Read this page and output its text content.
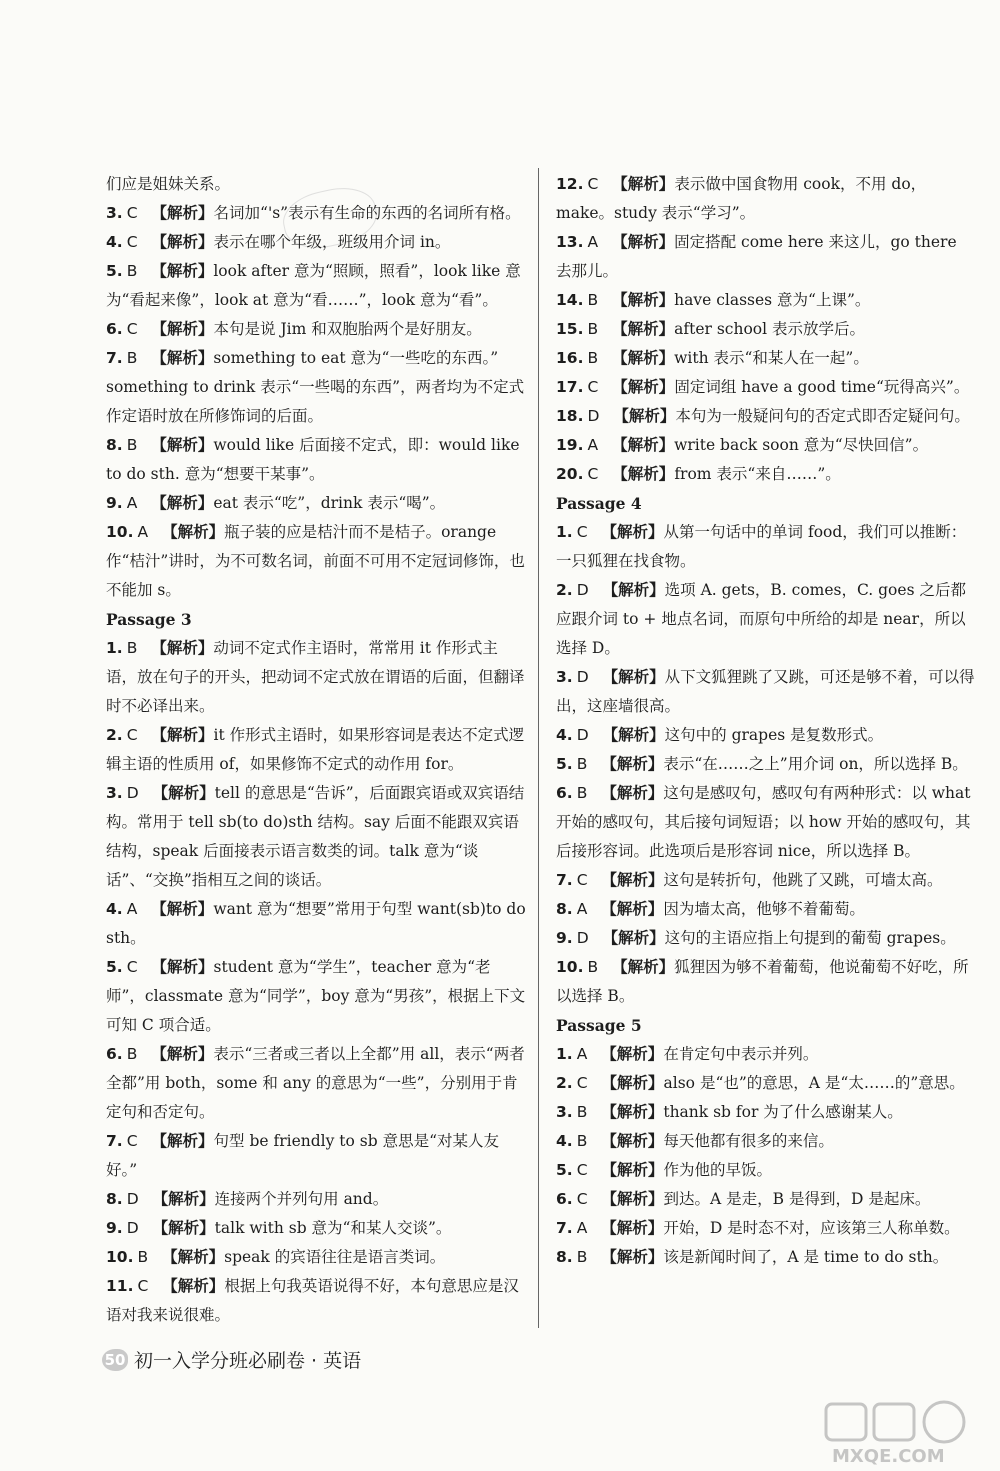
们应是姐妹关系。

3. C 【解析】名词加“'s”表示有生命的东西的名词所有格。

4. C 【解析】表示在哪个年级，班级用介词 in。

5. B 【解析】look after 意为“照顾，照看”，look like 意为“看起来像”，look at 意为“看……”，look 意为“看”。

6. C 【解析】本句是说 Jim 和双胞胎两个是好朋友。

7. B 【解析】something to eat 意为“一些吃的东西。” something to drink 表示“一些喝的东西”，两者均为不定式作定语时放在所修饰词的后面。

8. B 【解析】would like 后面接不定式，即：would like to do sth. 意为“想要干某事”。

9. A 【解析】eat 表示“吃”，drink 表示“喝”。

10. A 【解析】瓶子装的应是桔汁而不是桔子。orange 作“桔汁”讲时，为不可数名词，前面不可用不定冠词修饰，也不能加 s。

Passage 3

1. B 【解析】动词不定式作主语时，常常用 it 作形式主语，放在句子的开头，把动词不定式放在谓语的后面，但翻译时不必译出来。

2. C 【解析】it 作形式主语时，如果形容词是表达不定式逻辑主语的性质用 of，如果修饰不定式的动作用 for。

3. D 【解析】tell 的意思是“告诉”，后面跟宾语或双宾语结构。常用于 tell sb(to do)sth 结构。say 后面不能跟双宾语结构，speak 后面接表示语言数类的词。talk 意为“谈话”、“交换”指相互之间的谈话。

4. A 【解析】want 意为“想要”常用于句型 want(sb)to do sth。

5. C 【解析】student 意为“学生”，teacher 意为“老师”，classmate 意为“同学”，boy 意为“男孩”，根据上下文可知 C 项合适。

6. B 【解析】表示“三者或三者以上全都”用 all，表示“两者全都”用 both，some 和 any 的意思为“一些”，分别用于肯定句和否定句。

7. C 【解析】句型 be friendly to sb 意思是“对某人友好。”

8. D 【解析】连接两个并列句用 and。

9. D 【解析】talk with sb 意为“和某人交谈”。

10. B 【解析】speak 的宾语往往是语言类词。

11. C 【解析】根据上句我英语说得不好，本句意思应是汉语对我来说很难。

12. C 【解析】表示做中国食物用 cook，不用 do，make。study 表示“学习”。

13. A 【解析】固定搭配 come here 来这儿，go there 去那儿。

14. B 【解析】have classes 意为“上课”。

15. B 【解析】after school 表示放学后。

16. B 【解析】with 表示“和某人在一起”。

17. C 【解析】固定词组 have a good time“玩得高兴”。

18. D 【解析】本句为一般疑问句的否定式即否定疑问句。

19. A 【解析】write back soon 意为“尽快回信”。

20. C 【解析】from 表示“来自……”。

Passage 4

1. C 【解析】从第一句话中的单词 food，我们可以推断：一只狐狸在找食物。

2. D 【解析】选项 A. gets，B. comes，C. goes 之后都应跟介词 to + 地点名词，而原句中所给的却是 near，所以选择 D。

3. D 【解析】从下文狐狸跳了又跳，可还是够不着，可以得出，这座墙很高。

4. D 【解析】这句中的 grapes 是复数形式。

5. B 【解析】表示“在……之上”用介词 on，所以选择 B。

6. B 【解析】这句是感叹句，感叹句有两种形式：以 what 开始的感叹句，其后接句词短语；以 how 开始的感叹句，其后接形容词。此选项后是形容词 nice，所以选择 B。

7. C 【解析】这句是转折句，他跳了又跳，可墙太高。

8. A 【解析】因为墙太高，他够不着葡萄。

9. D 【解析】这句的主语应指上句提到的葡萄 grapes。

10. B 【解析】狐狸因为够不着葡萄，他说葡萄不好吃，所以选择 B。

Passage 5

1. A 【解析】在肯定句中表示并列。

2. C 【解析】also 是“也”的意思，A 是“太……的”意思。

3. B 【解析】thank sb for 为了什么感谢某人。

4. B 【解析】每天他都有很多的来信。

5. C 【解析】作为他的早饭。

6. C 【解析】到达。A 是走，B 是得到，D 是起床。

7. A 【解析】开始，D 是时态不对，应该第三人称单数。

8. B 【解析】该是新闻时间了，A 是 time to do sth。

50 初一入学分班必刷卷 · 英语
MXQE.COM
